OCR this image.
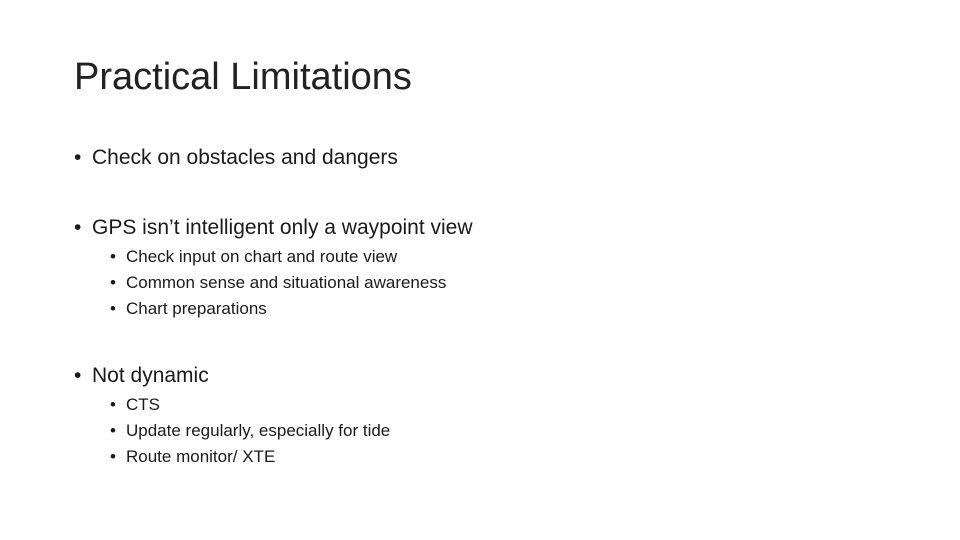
Practical Limitations
• Check on obstacles and dangers
• GPS isn’t intelligent only a waypoint view
• Check input on chart and route view
• Common sense and situational awareness
• Chart preparations
• Not dynamic
• CTS
• Update regularly, especially for tide
• Route monitor/ XTE
